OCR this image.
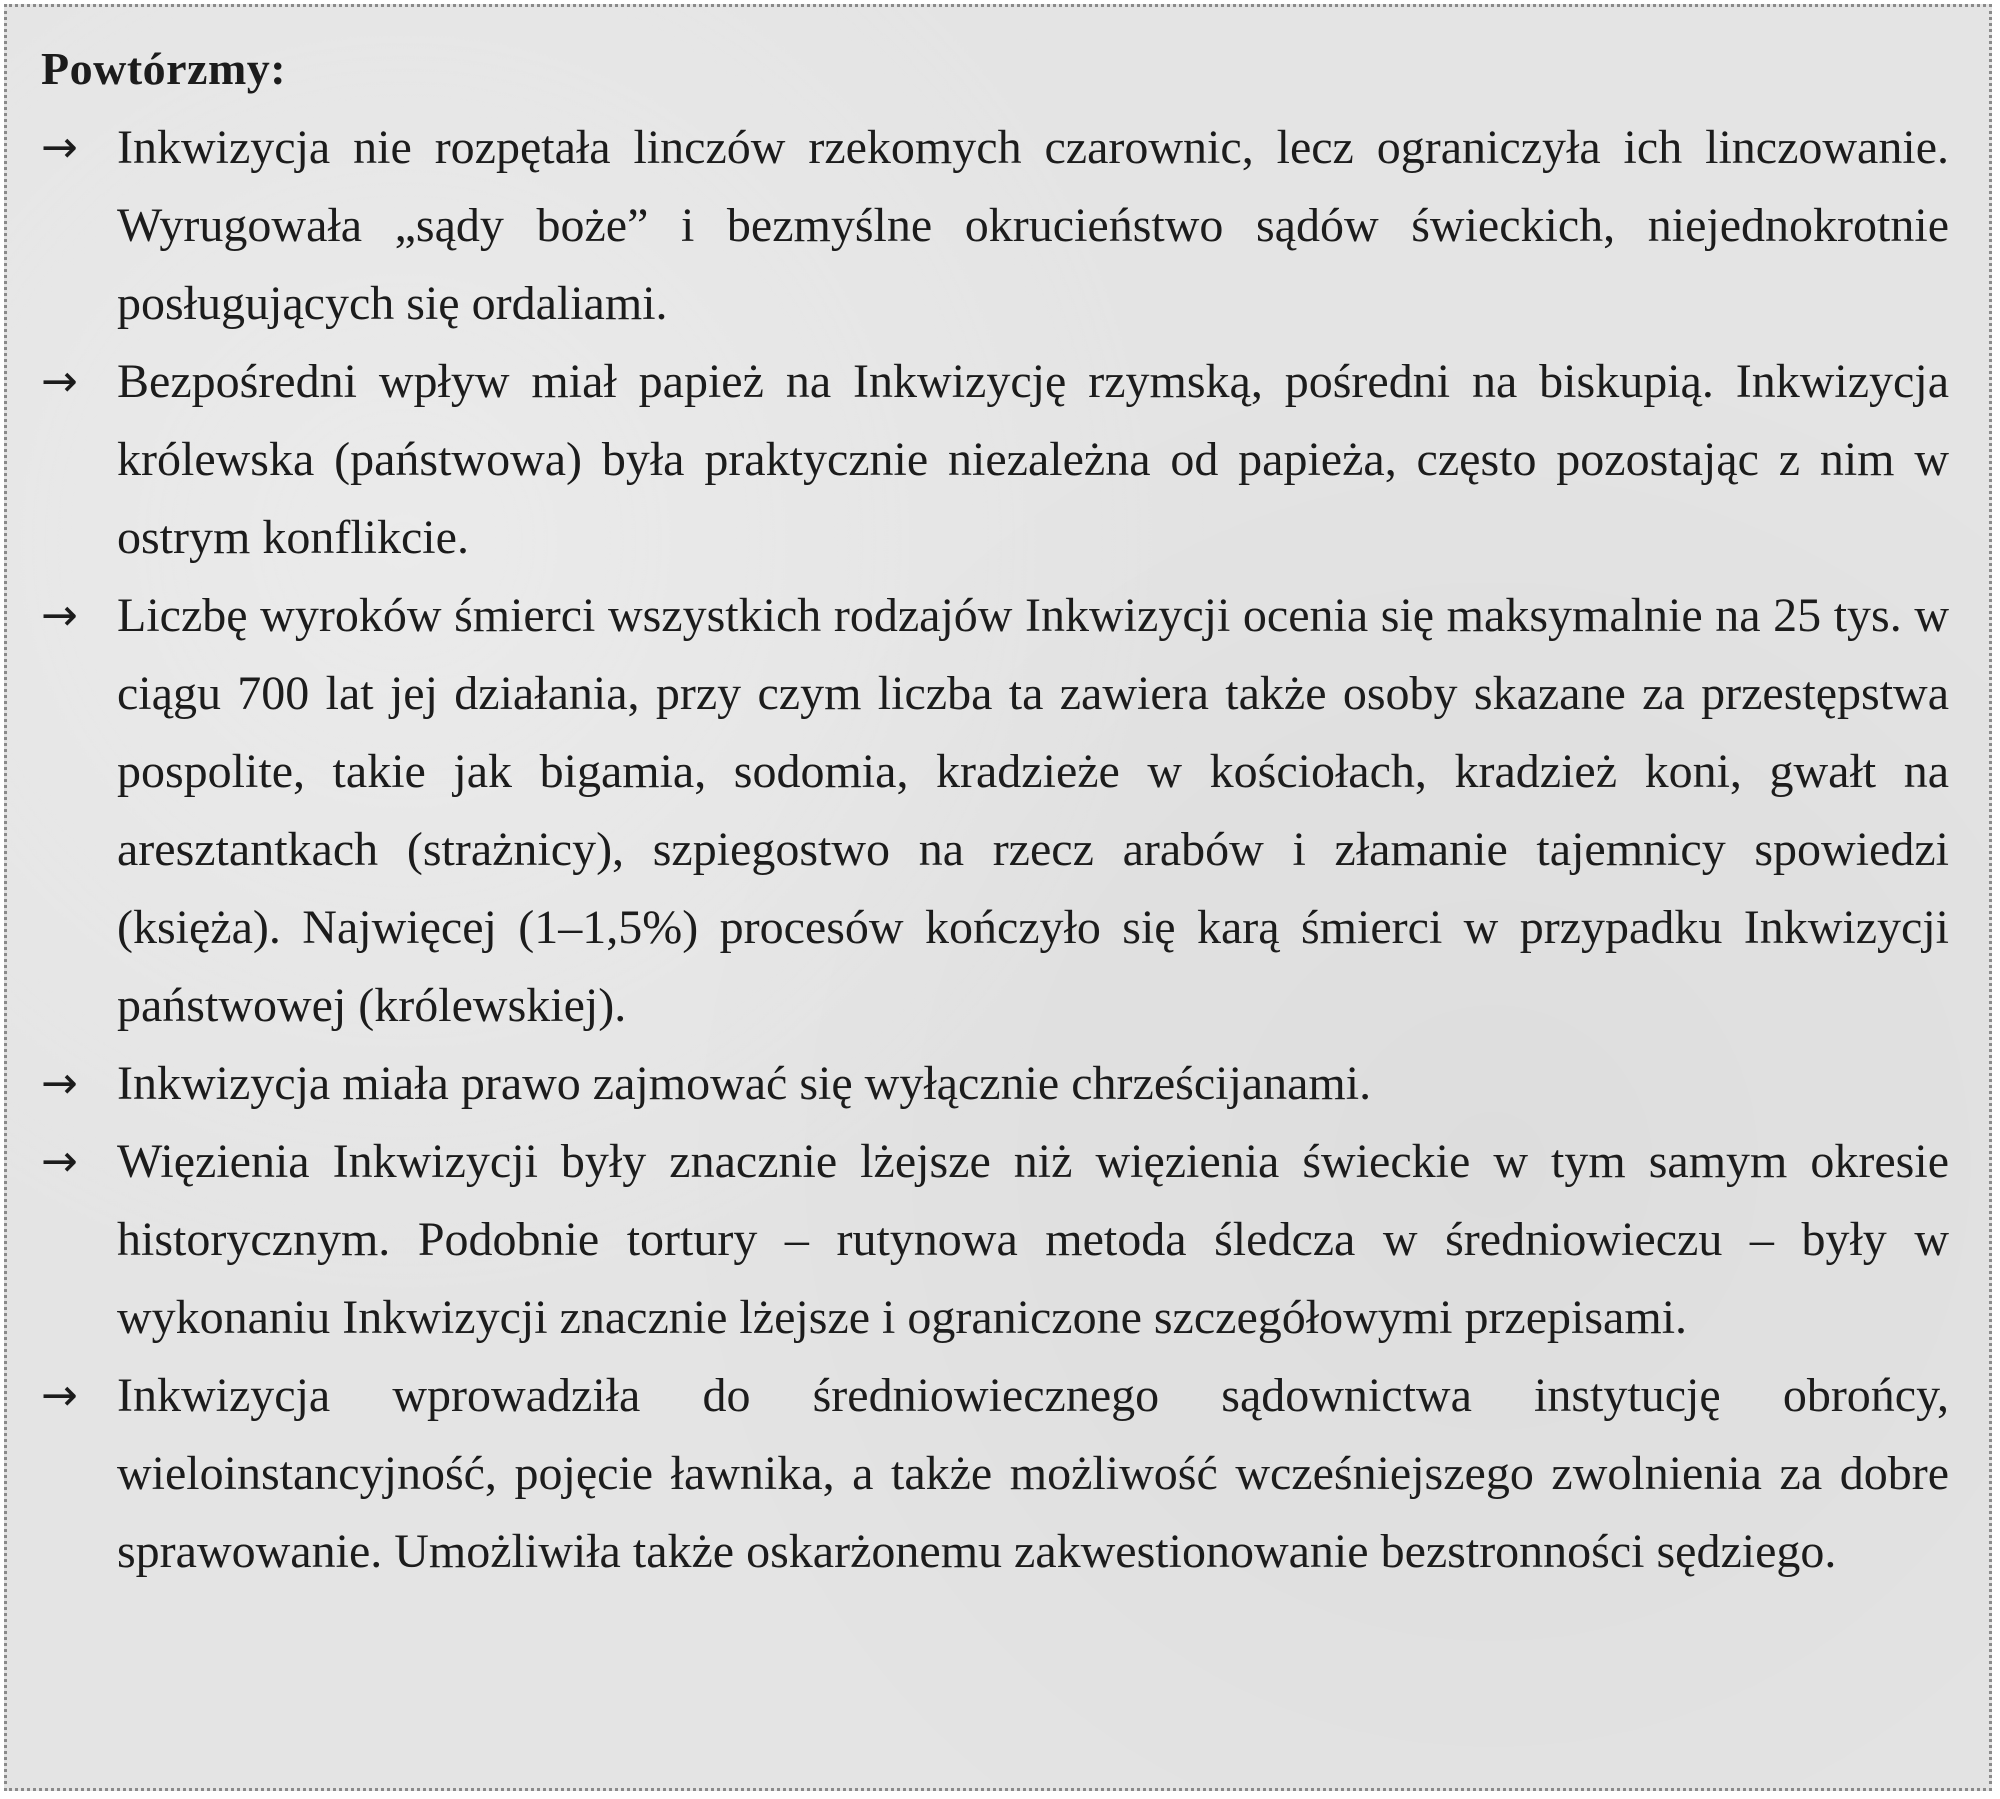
Powtórzmy:
→ Inkwizycja nie rozpętała linczów rzekomych czarownic, lecz ograniczyła ich linczowanie. Wyrugowała „sądy boże” i bezmyślne okrucieństwo sądów świeckich, niejednokrotnie posługujących się ordaliami.
→ Bezpośredni wpływ miał papież na Inkwizycję rzymską, pośredni na biskupią. Inkwizycja królewska (państwowa) była praktycznie niezależna od papieża, często pozostając z nim w ostrym konflikcie.
→ Liczbę wyroków śmierci wszystkich rodzajów Inkwizycji ocenia się maksymalnie na 25 tys. w ciągu 700 lat jej działania, przy czym liczba ta zawiera także osoby skazane za przestępstwa pospolite, takie jak bigamia, sodomia, kradzieże w kościołach, kradzież koni, gwałt na aresztantkach (strażnicy), szpiegostwo na rzecz arabów i złamanie tajemnicy spowiedzi (księża). Najwięcej (1–1,5%) procesów kończyło się karą śmierci w przypadku Inkwizycji państwowej (królewskiej).
→ Inkwizycja miała prawo zajmować się wyłącznie chrześcijanami.
→ Więzienia Inkwizycji były znacznie lżejsze niż więzienia świeckie w tym samym okresie historycznym. Podobnie tortury – rutynowa metoda śledcza w średniowieczu – były w wykonaniu Inkwizycji znacznie lżejsze i ograniczone szczegółowymi przepisami.
→ Inkwizycja wprowadziła do średniowiecznego sądownictwa instytucję obrońcy, wieloinstancyjność, pojęcie ławnika, a także możliwość wcześniejszego zwolnienia za dobre sprawowanie. Umożliwiła także oskarżonemu zakwestionowanie bezstronności sędziego.
